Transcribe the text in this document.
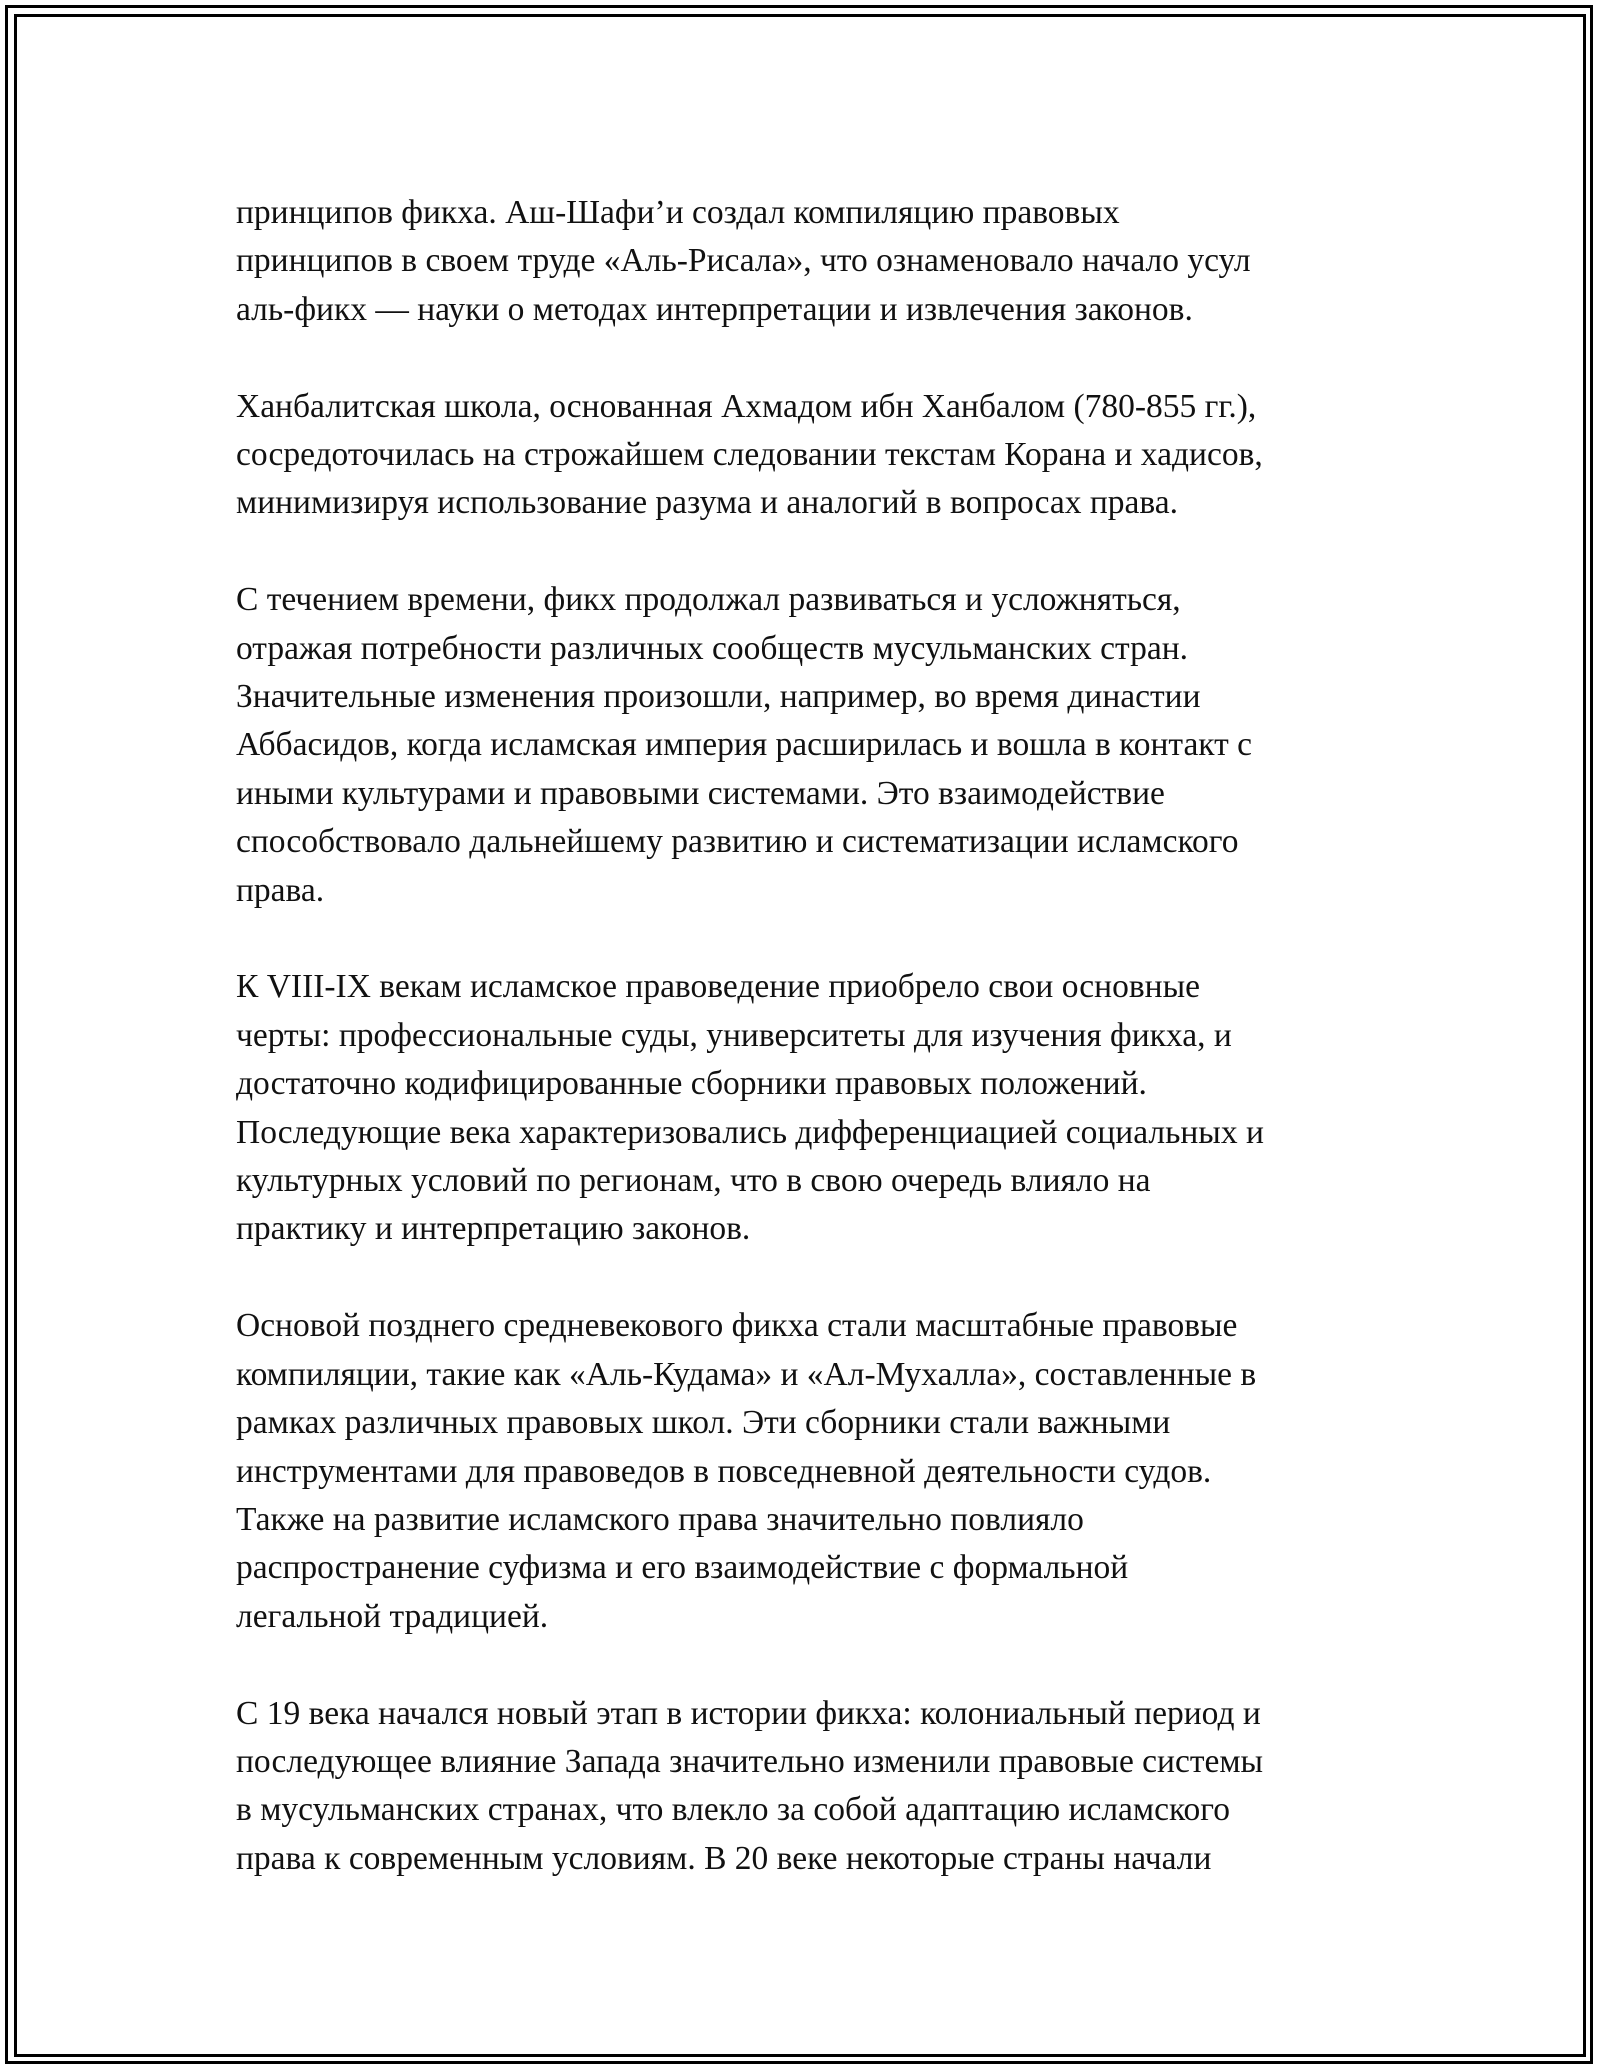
принципов фикха. Аш-Шафи’и создал компиляцию правовых
принципов в своем труде «Аль-Рисала», что ознаменовало начало усул
аль-фикх — науки о методах интерпретации и извлечения законов.

Ханбалитская школа, основанная Ахмадом ибн Ханбалом (780-855 гг.),
сосредоточилась на строжайшем следовании текстам Корана и хадисов,
минимизируя использование разума и аналогий в вопросах права.

С течением времени, фикх продолжал развиваться и усложняться,
отражая потребности различных сообществ мусульманских стран.
Значительные изменения произошли, например, во время династии
Аббасидов, когда исламская империя расширилась и вошла в контакт с
иными культурами и правовыми системами. Это взаимодействие
способствовало дальнейшему развитию и систематизации исламского
права.

К VIII-IX векам исламское правоведение приобрело свои основные
черты: профессиональные суды, университеты для изучения фикха, и
достаточно кодифицированные сборники правовых положений.
Последующие века характеризовались дифференциацией социальных и
культурных условий по регионам, что в свою очередь влияло на
практику и интерпретацию законов.

Основой позднего средневекового фикха стали масштабные правовые
компиляции, такие как «Аль-Кудама» и «Ал-Мухалла», составленные в
рамках различных правовых школ. Эти сборники стали важными
инструментами для правоведов в повседневной деятельности судов.
Также на развитие исламского права значительно повлияло
распространение суфизма и его взаимодействие с формальной
легальной традицией.

С 19 века начался новый этап в истории фикха: колониальный период и
последующее влияние Запада значительно изменили правовые системы
в мусульманских странах, что влекло за собой адаптацию исламского
права к современным условиям. В 20 веке некоторые страны начали
